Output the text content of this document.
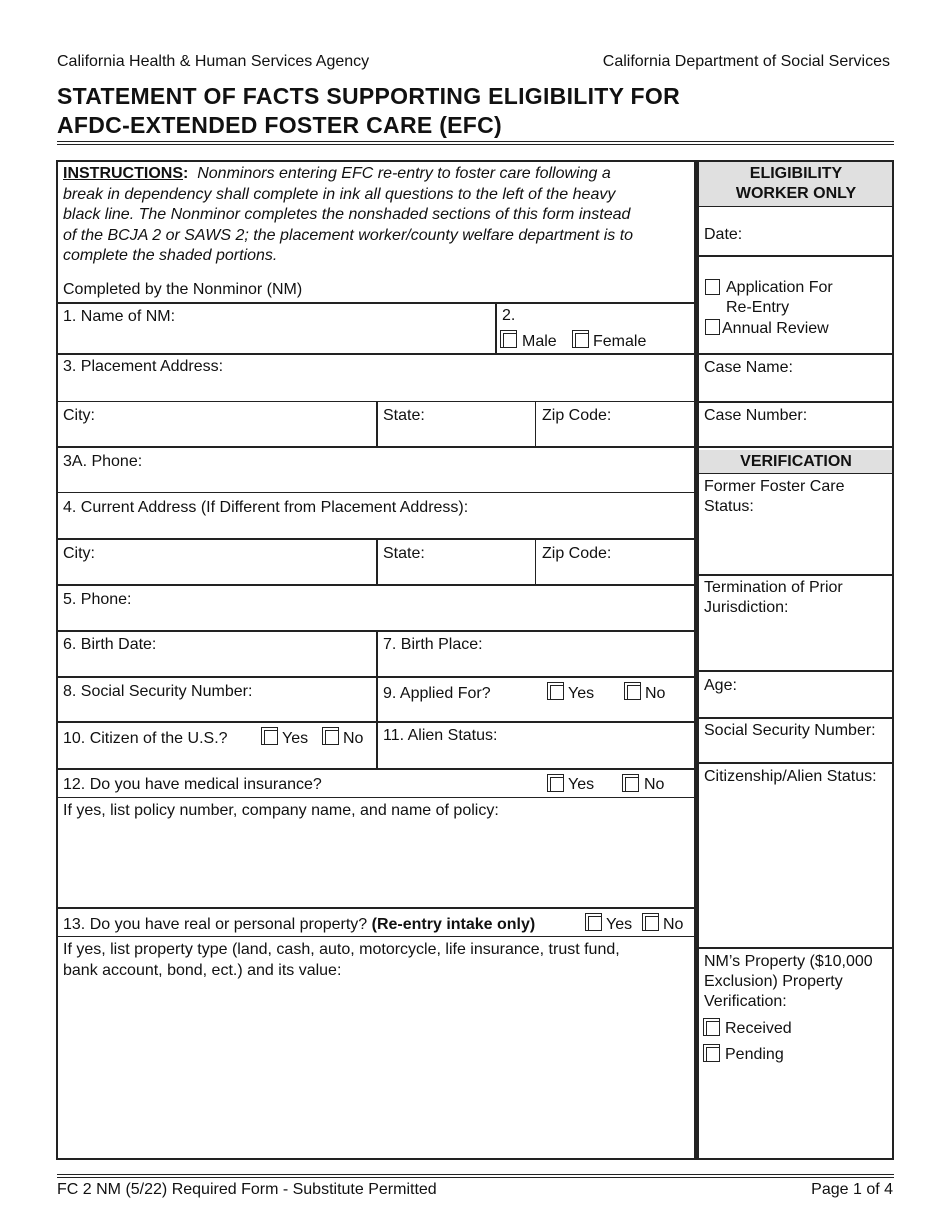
California Health & Human Services Agency	California Department of Social Services
STATEMENT OF FACTS SUPPORTING ELIGIBILITY FOR
AFDC-EXTENDED FOSTER CARE (EFC)
INSTRUCTIONS: Nonminors entering EFC re-entry to foster care following a
break in dependency shall complete in ink all questions to the left of the heavy
black line. The Nonminor completes the nonshaded sections of this form instead
of the BCJA 2 or SAWS 2; the placement worker/county welfare department is to
complete the shaded portions.
Completed by the Nonminor (NM)
1. Name of NM:	2.
Male Female
3. Placement Address:
City:	State:	Zip Code:
3A. Phone:
4. Current Address (If Different from Placement Address):
City:	State:	Zip Code:
5. Phone:
6. Birth Date:	7. Birth Place:
8. Social Security Number:	9. Applied For?	Yes	No
10. Citizen of the U.S.?	Yes No 11. Alien Status:
12. Do you have medical insurance?	Yes	No
If yes, list policy number, company name, and name of policy:
13. Do you have real or personal property? (Re-entry intake only)	Yes No
If yes, list property type (land, cash, auto, motorcycle, life insurance, trust fund,
bank account, bond, ect.) and its value:
ELIGIBILITY
WORKER ONLY
Date:
Application For
Re-Entry
Annual Review
Case Name:
Case Number:
VERIFICATION
Former Foster Care
Status:
Termination of Prior
Jurisdiction:
Age:
Social Security Number:
Citizenship/Alien Status:
NM’s Property ($10,000
Exclusion) Property
Verification:
Received
Pending
FC 2 NM (5/22) Required Form - Substitute Permitted	Page 1 of 4
